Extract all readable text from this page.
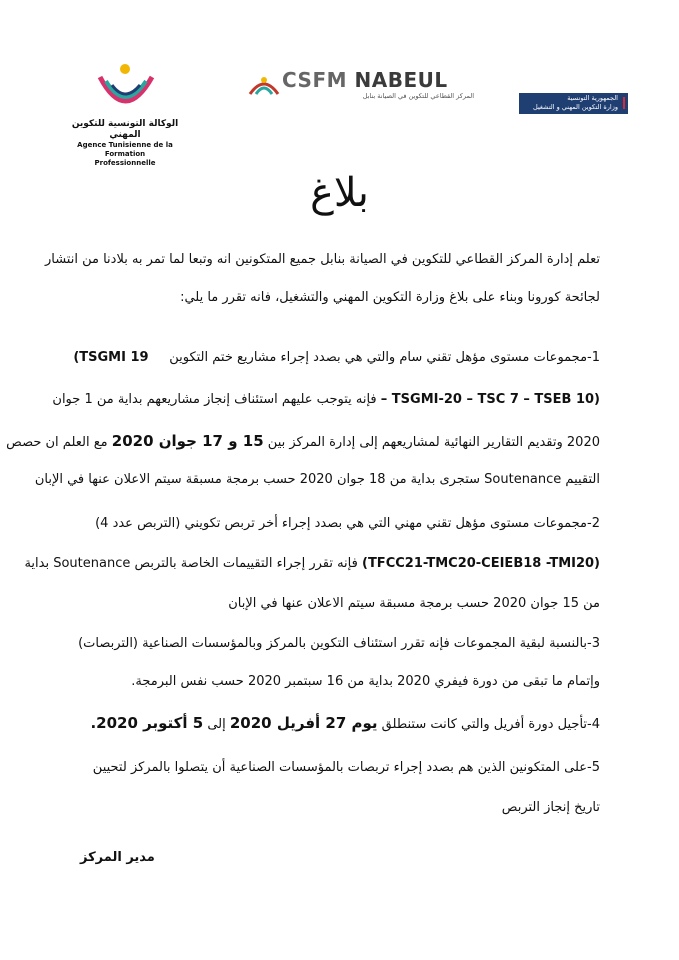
الوكالة التونسية للتكوين المهني
Agence Tunisienne de la Formation
Professionnelle
CSFM NABEUL
المركز القطاعي للتكوين في الصيانة بنابل	الجمهورية التونسية
وزارة التكوين المهني و التشغيل
بلاغ
تعلم إدارة المركز القطاعي للتكوين في الصيانة بنابل جميع المتكونين انه وتبعا لما تمر به بلادنا من انتشار
لجائحة كورونا وبناء على بلاغ وزارة التكوين المهني والتشغيل، فانه تقرر ما يلي:
1-مجموعات مستوى مؤهل تقني سام والتي هي بصدد إجراء مشاريع ختم التكوين     (TSGMI 19
– TSGMI-20 – TSC 7 – TSEB 10) فإنه يتوجب عليهم استئناف إنجاز مشاريعهم بداية من 1 جوان
2020 وتقديم التقارير النهائية لمشاريعهم إلى إدارة المركز بين 15 و 17 جوان 2020 مع العلم ان حصص
التقييم Soutenance ستجرى بداية من 18 جوان 2020 حسب برمجة مسبقة سيتم الاعلان عنها في الإبان
2-مجموعات مستوى مؤهل تقني مهني التي هي بصدد إجراء أخر تربص تكويني (التربص عدد 4)
(TFCC21-TMC20-CEIEB18 -TMI20) فإنه تقرر إجراء التقييمات الخاصة بالتربص Soutenance بداية
من 15 جوان 2020 حسب برمجة مسبقة سيتم الاعلان عنها في الإبان
3-بالنسبة لبقية المجموعات فإنه تقرر استئناف التكوين بالمركز وبالمؤسسات الصناعية (التربصات)
وإتمام ما تبقى من دورة فيفري 2020 بداية من 16 سبتمبر 2020 حسب نفس البرمجة.
4-تأجيل دورة أفريل والتي كانت ستنطلق يوم 27 أفريل 2020 إلى 5 أكتوبر 2020.
5-على المتكونين الذين هم بصدد إجراء تربصات بالمؤسسات الصناعية أن يتصلوا بالمركز لتحيين
تاريخ إنجاز التربص
مدير المركز
